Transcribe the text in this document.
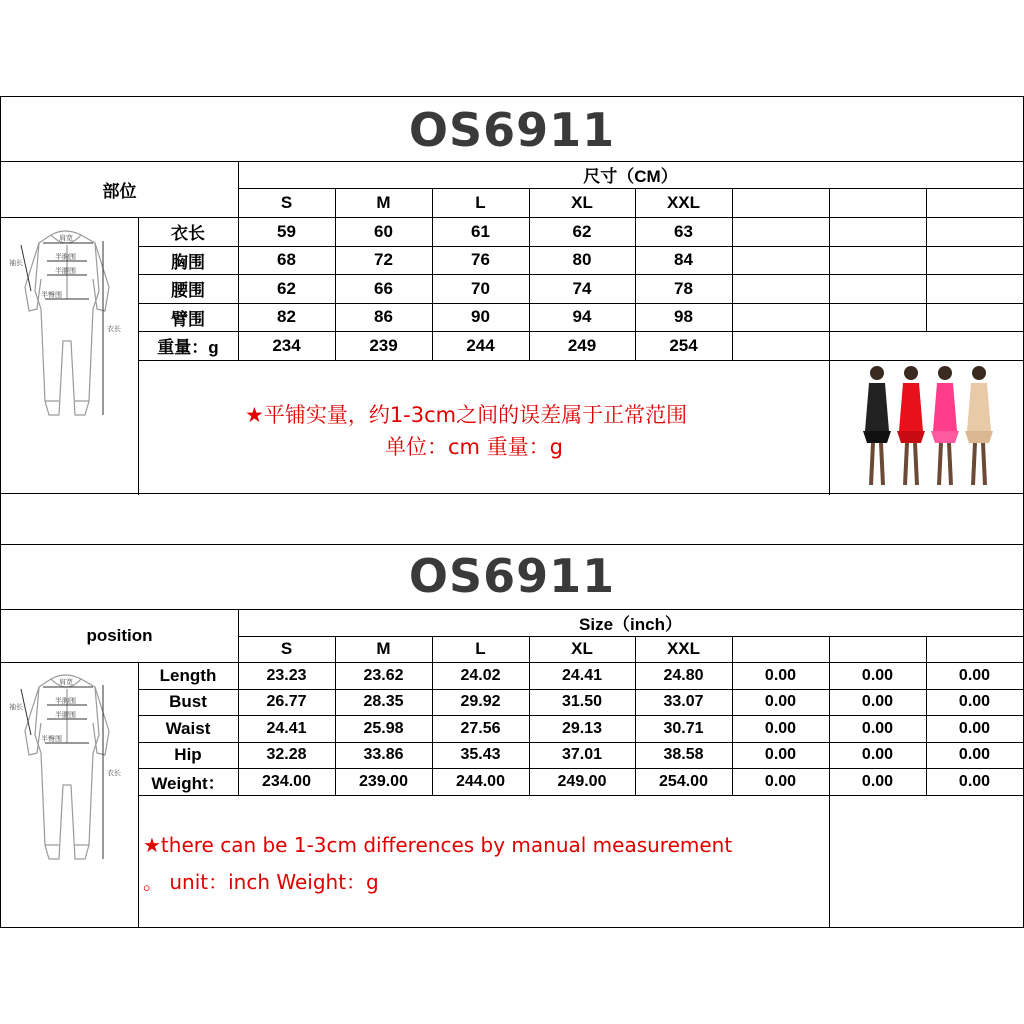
OS6911
部位
尺寸（CM）
S	M	L	XL	XXL
衣长	59	60	61	62	63
胸围	68	72	76	80	84
腰围	62	66	70	74	78
臂围	82	86	90	94	98
重量：g	234	239	244	249	254
★平铺实量，约1-3cm之间的误差属于正常范围
单位：cm 重量：g
肩宽
袖长
半胸围
半腰围
半臀围
衣长
OS6911
position
Size（inch）
S	M	L	XL	XXL
Length	23.23	23.62	24.02	24.41	24.80	0.00	0.00	0.00
Bust	26.77	28.35	29.92	31.50	33.07	0.00	0.00	0.00
Waist	24.41	25.98	27.56	29.13	30.71	0.00	0.00	0.00
Hip	32.28	33.86	35.43	37.01	38.58	0.00	0.00	0.00
Weight：	234.00	239.00	244.00	249.00	254.00	0.00	0.00	0.00
★there can be 1-3cm differences by manual measurement
。 unit：inch Weight：g
肩宽
袖长
半胸围
半腰围
半臀围
衣长
